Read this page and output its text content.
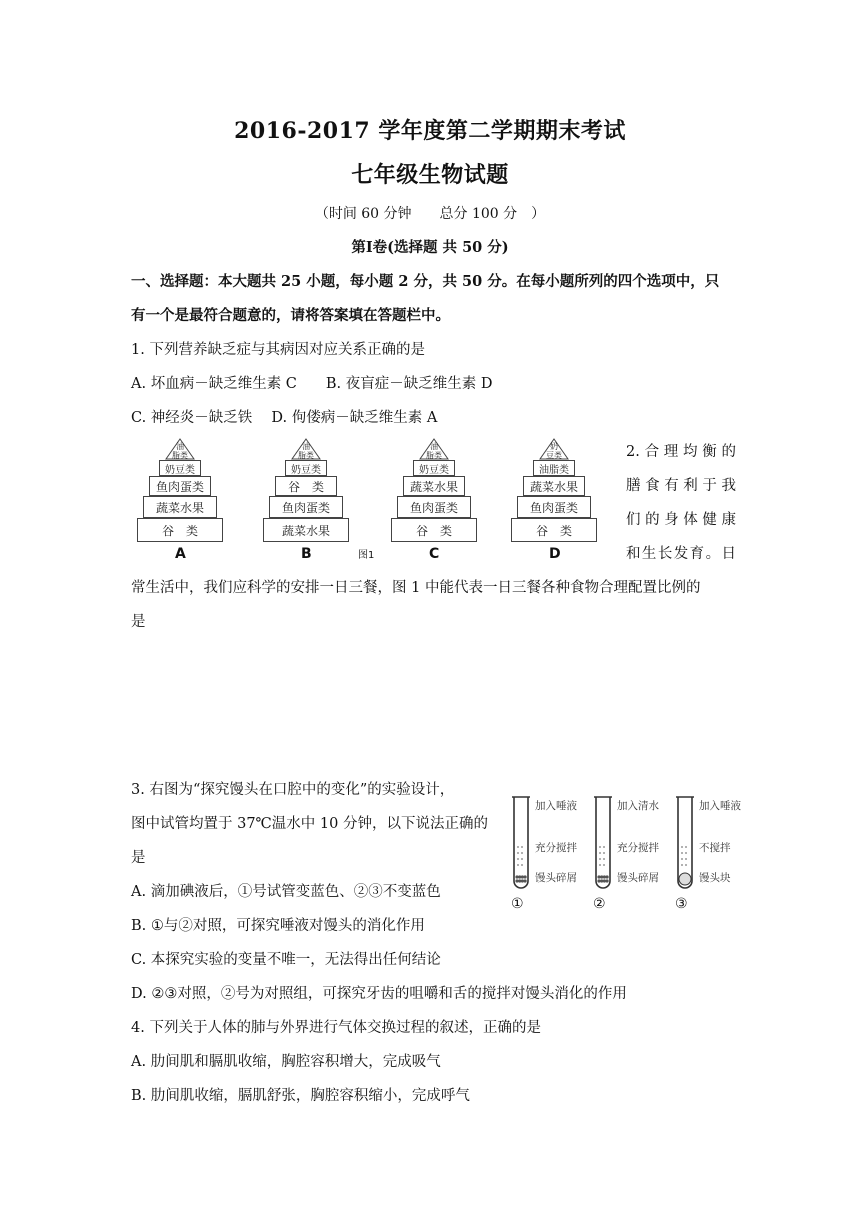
2016-2017 学年度第二学期期末考试
七年级生物试题
（时间 60 分钟　　总分 100 分　）
第Ⅰ卷(选择题 共 50 分)
一、选择题：本大题共 25 小题，每小题 2 分，共 50 分。在每小题所列的四个选项中，只
有一个是最符合题意的，请将答案填在答题栏中。
1. 下列营养缺乏症与其病因对应关系正确的是
A. 坏血病－缺乏维生素 C　　B. 夜盲症－缺乏维生素 D
C. 神经炎－缺乏铁　 D. 佝偻病－缺乏维生素 A
油
脂类
奶豆类
鱼肉蛋类
蔬菜水果
谷　类
A
油
脂类
奶豆类
谷　类
鱼肉蛋类
蔬菜水果
B
油
脂类
奶豆类
蔬菜水果
鱼肉蛋类
谷　类
C
奶
豆类
油脂类
蔬菜水果
鱼肉蛋类
谷　类
D
图1
2.合理均衡的
膳食有利于我
们的身体健康
和生长发育。日
常生活中，我们应科学的安排一日三餐，图 1 中能代表一日三餐各种食物合理配置比例的
是
3. 右图为“探究馒头在口腔中的变化”的实验设计，
图中试管均置于 37℃温水中 10 分钟，以下说法正确的
是
A. 滴加碘液后，①号试管变蓝色、②③不变蓝色
B. ①与②对照，可探究唾液对馒头的消化作用
C. 本探究实验的变量不唯一，无法得出任何结论
D. ②③对照，②号为对照组，可探究牙齿的咀嚼和舌的搅拌对馒头消化的作用
加入唾液
充分搅拌
馒头碎屑
①
加入清水
充分搅拌
馒头碎屑
②
加入唾液
不搅拌
馒头块
③
4. 下列关于人体的肺与外界进行气体交换过程的叙述，正确的是
A. 肋间肌和膈肌收缩，胸腔容积增大，完成吸气
B. 肋间肌收缩，膈肌舒张，胸腔容积缩小，完成呼气
